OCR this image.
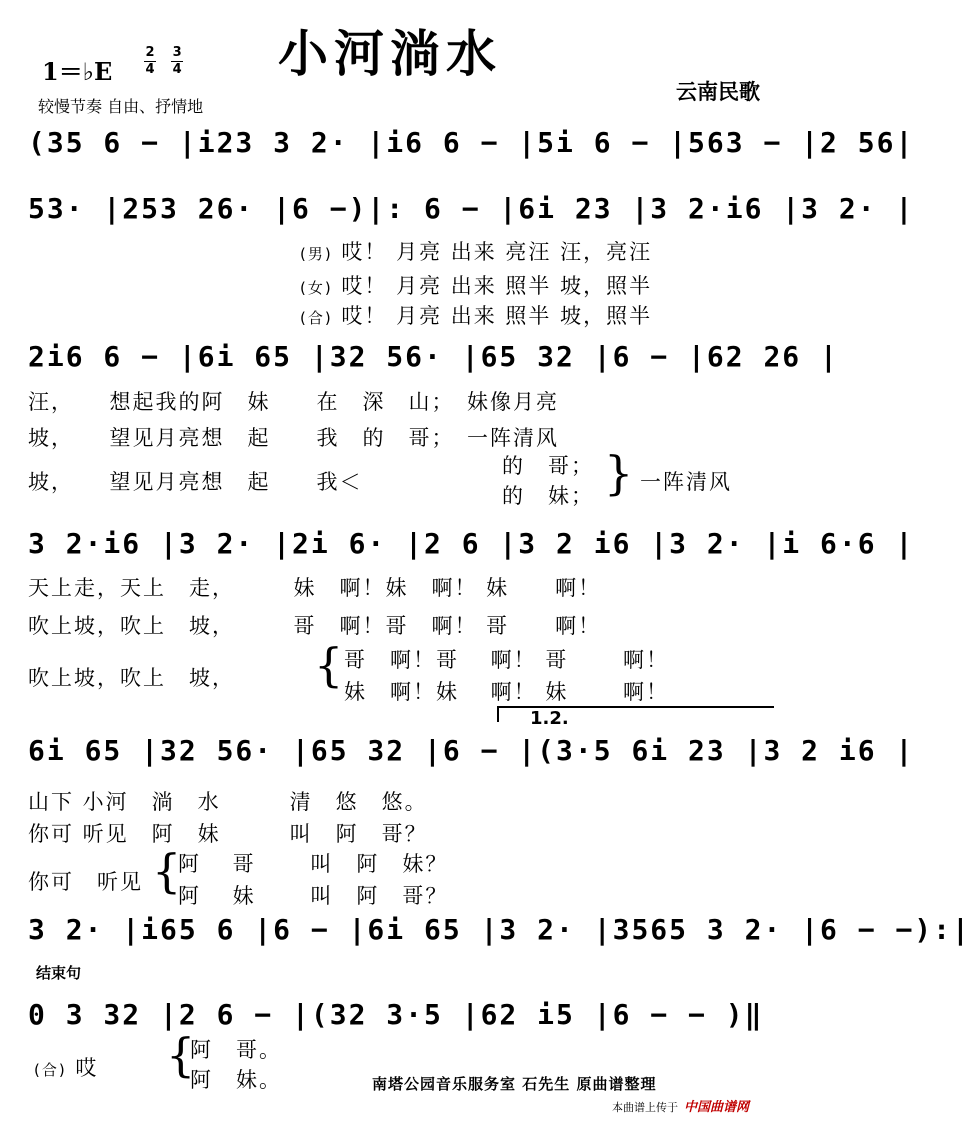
小河淌水
1＝♭E $\frac{2}{4}$
$\frac{3}{4}$
较慢节奏 自由、抒情地
云南民歌
(35 6 − |i23 3 2· |i6 6 − |5i 6 − |563 − |2 56|
53· |253 26· |6 −)|: 6 − |6i 23 |3 2·i6 |3 2· |
2i6 6 − |6i 65 |32 56· |65 32 |6 − |62 26 |
3 2·i6 |3 2· |2i 6· |2 6 |3 2 i6 |3 2· |i 6·6 |
6i 65 |32 56· |65 32 |6 − |(3·5 6i 23 |3 2 i6 |
3 2· |i65 6 |6 − |6i 65 |3 2· |3565 3 2· |6 − −):|
0 3 32 |2 6 − |(32 3·5 |62 i5 |6 − − )‖
(男) 哎！ 月亮 出来 亮汪 汪，亮汪
(女) 哎！ 月亮 出来 照半 坡，照半
(合) 哎！ 月亮 出来 照半 坡，照半
汪，　　想起我的阿　妹　　在　深　山；　妹像月亮
坡，　　望见月亮想　起　　我　的　哥；　一阵清风
坡，　　望见月亮想　起　　我＜
的　哥；
的　妹； } 一阵清风
天上走，天上　走，　　　妹　啊！妹　啊！ 妹　　啊！
吹上坡，吹上　坡，　　　哥　啊！哥　啊！ 哥　　啊！
吹上坡，吹上　坡， { 哥　啊！哥　 啊！ 哥　　 啊！
妹　啊！妹　 啊！ 妹　　 啊！
1.2.
山下 小河　淌　水　　　清　悠　悠。
你可 听见　阿　妹　　　叫　阿　哥？
你可　听见 {
阿　 哥　　 叫　阿　妹？
阿　 妹　　 叫　阿　哥？
结束句
(合) 哎 {
阿　哥。
阿　妹。	南塔公园音乐服务室 石先生 原曲谱整理
本曲谱上传于 中国曲谱网
